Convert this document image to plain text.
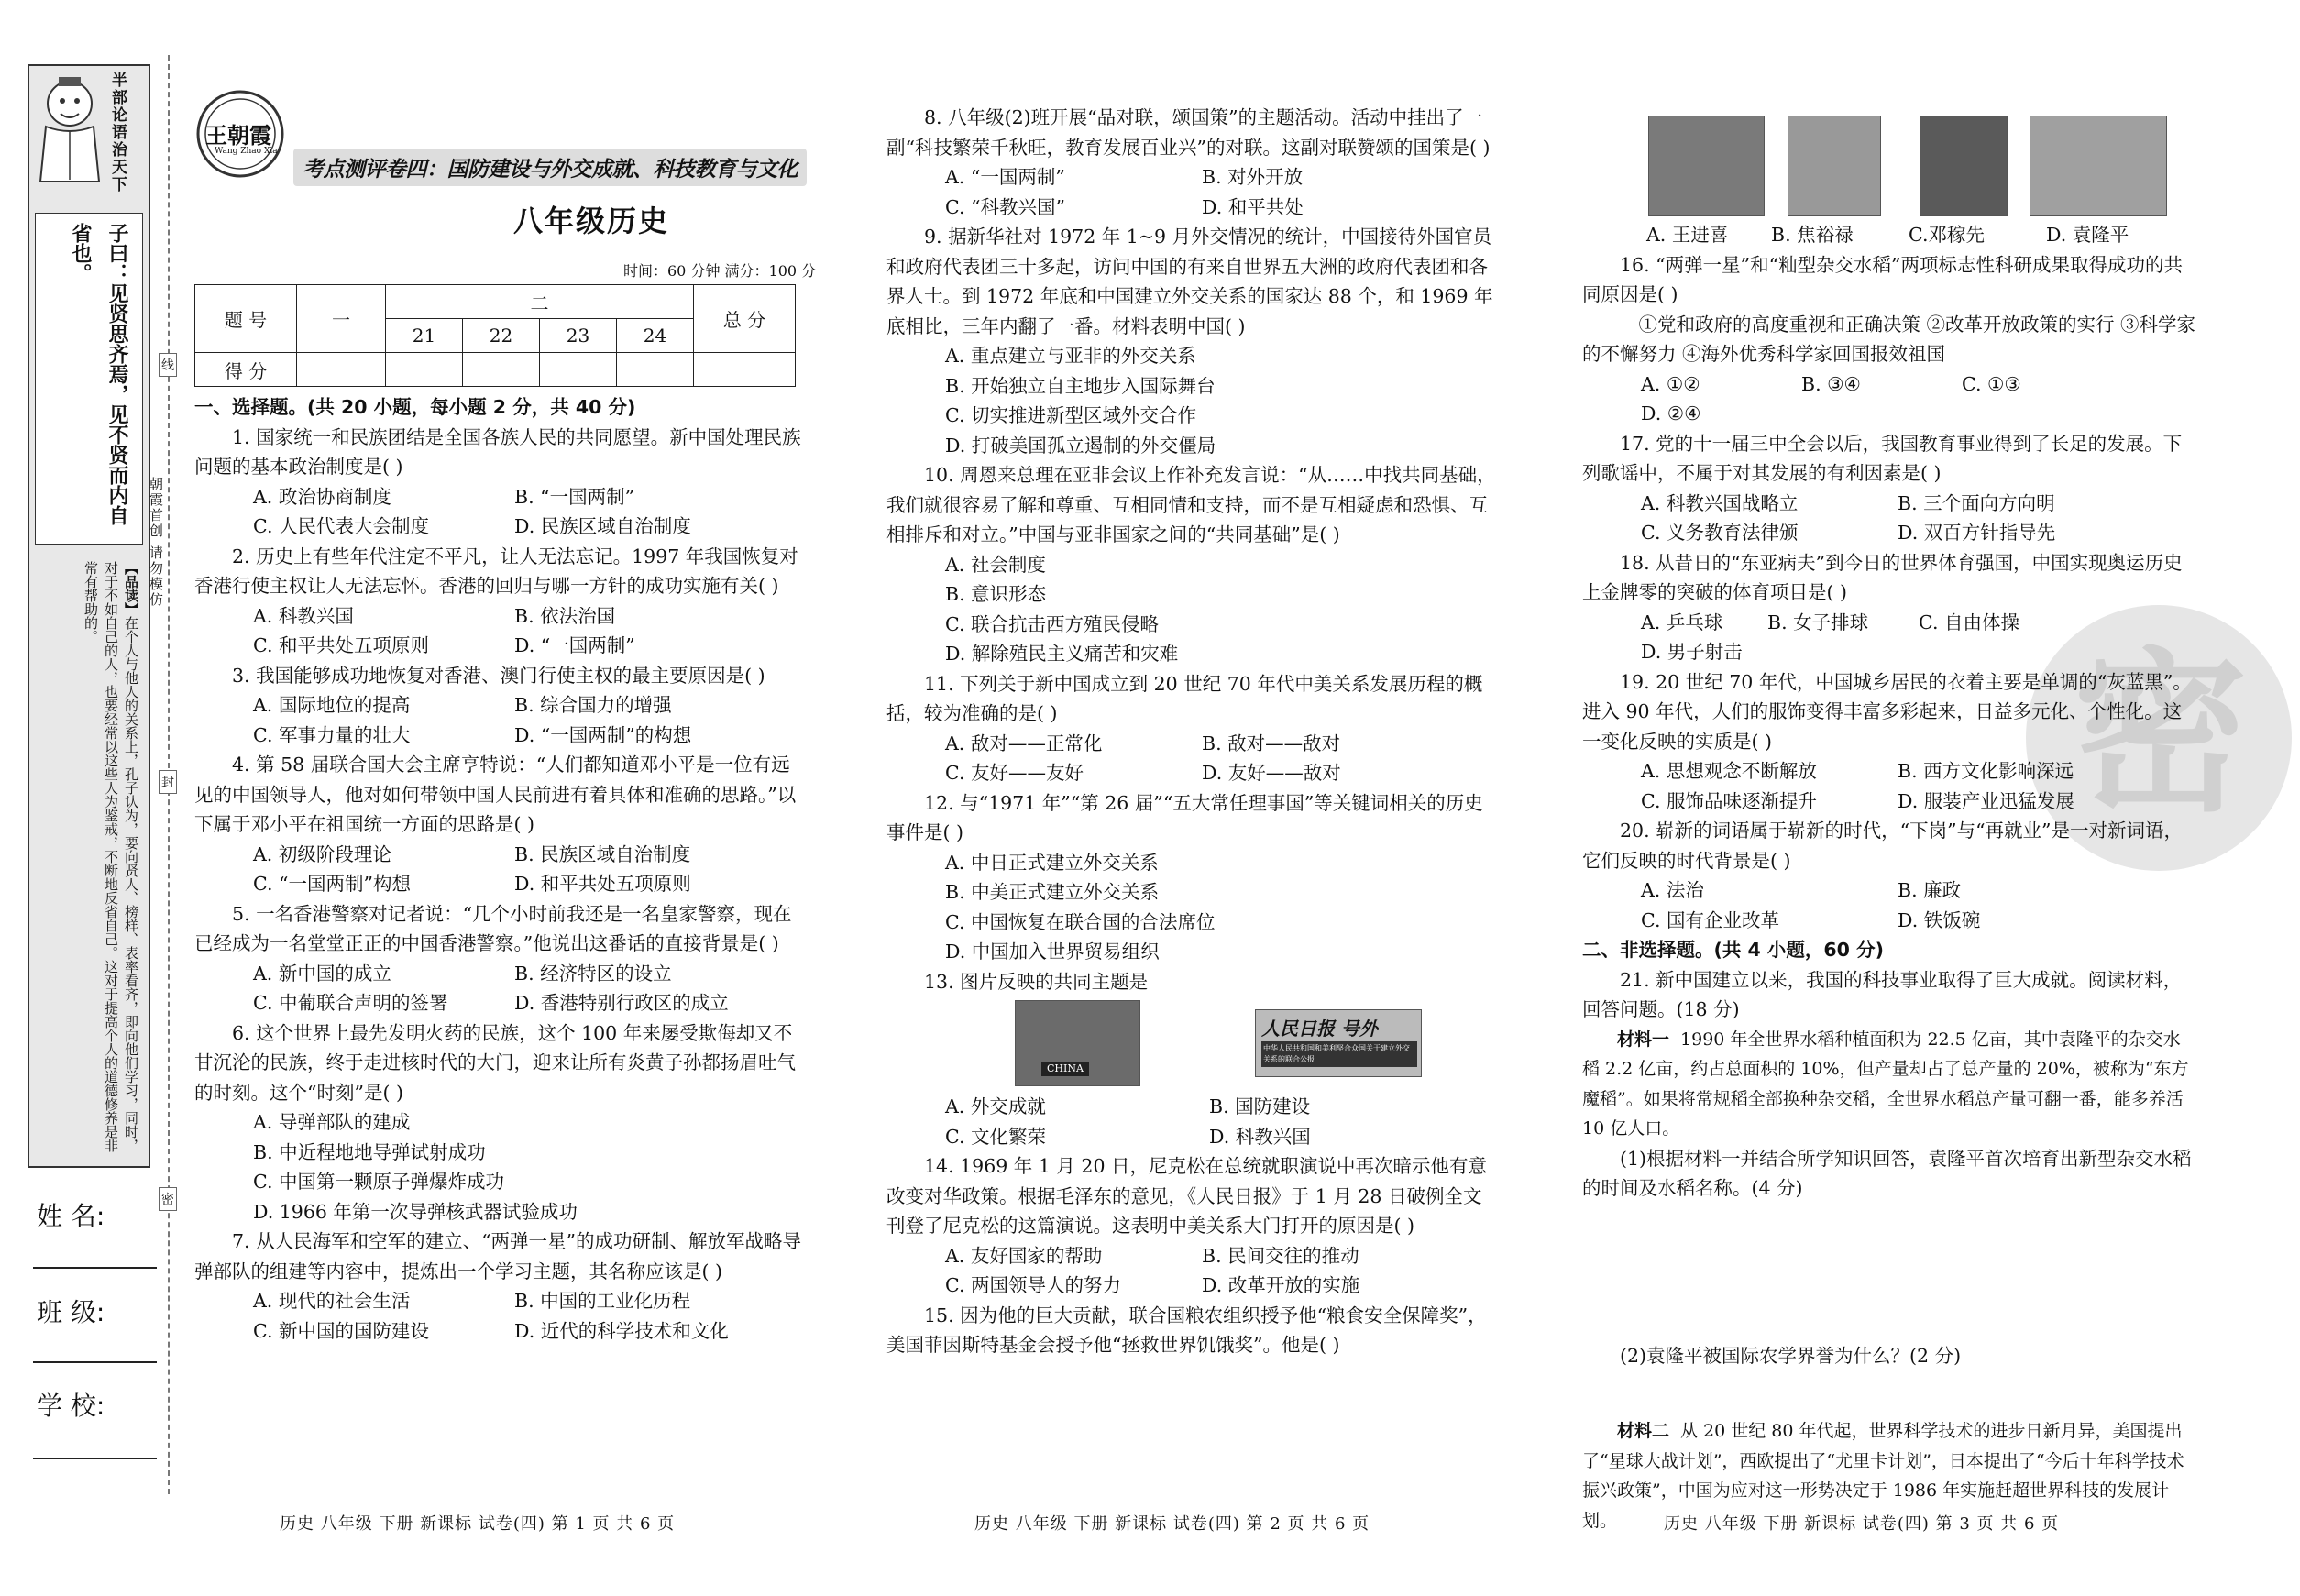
半部论语治天下
子曰：见贤思齐焉，见不贤而内自省也。
【品读】在个人与他人的关系上，孔子认为，要向贤人、榜样、表率看齐，即向他们学习，同时，对于不如自己的人，也要经常以这些人为鉴戒，不断地反省自己。这对于提高个人的道德修养是非常有帮助的。
姓 名:
班 级:
学 校:
朝霞首创 请勿模仿
线
封
密
王朝霞
Wang Zhao Xia
考点测评卷四：国防建设与外交成就、科技教育与文化
八年级历史
时间：60 分钟 满分：100 分
题 号	一	二				总 分
		21	22	23	24	
得 分						

一、选择题。(共 20 小题，每小题 2 分，共 40 分)

1. 国家统一和民族团结是全国各族人民的共同愿望。新中国处理民族问题的基本政治制度是( )

A. 政治协商制度	B. “一国两制”

C. 人民代表大会制度	D. 民族区域自治制度

2. 历史上有些年代注定不平凡，让人无法忘记。1997 年我国恢复对香港行使主权让人无法忘怀。香港的回归与哪一方针的成功实施有关( )

A. 科教兴国	B. 依法治国

C. 和平共处五项原则	D. “一国两制”

3. 我国能够成功地恢复对香港、澳门行使主权的最主要原因是( )

A. 国际地位的提高	B. 综合国力的增强

C. 军事力量的壮大	D. “一国两制”的构想

4. 第 58 届联合国大会主席亨特说：“人们都知道邓小平是一位有远见的中国领导人，他对如何带领中国人民前进有着具体和准确的思路。”以下属于邓小平在祖国统一方面的思路是( )

A. 初级阶段理论	B. 民族区域自治制度

C. “一国两制”构想	D. 和平共处五项原则

5. 一名香港警察对记者说：“几个小时前我还是一名皇家警察，现在已经成为一名堂堂正正的中国香港警察。”他说出这番话的直接背景是( )

A. 新中国的成立	B. 经济特区的设立

C. 中葡联合声明的签署	D. 香港特别行政区的成立

6. 这个世界上最先发明火药的民族，这个 100 年来屡受欺侮却又不甘沉沦的民族，终于走进核时代的大门，迎来让所有炎黄子孙都扬眉吐气的时刻。这个“时刻”是( )

A. 导弹部队的建成

B. 中近程地地导弹试射成功

C. 中国第一颗原子弹爆炸成功

D. 1966 年第一次导弹核武器试验成功

7. 从人民海军和空军的建立、“两弹一星”的成功研制、解放军战略导弹部队的组建等内容中，提炼出一个学习主题，其名称应该是( )

A. 现代的社会生活	B. 中国的工业化历程

C. 新中国的国防建设	D. 近代的科学技术和文化

历史 八年级 下册 新课标 试卷(四) 第 1 页 共 6 页

8. 八年级(2)班开展“品对联，颂国策”的主题活动。活动中挂出了一副“科技繁荣千秋旺，教育发展百业兴”的对联。这副对联赞颂的国策是( )

A. “一国两制”	B. 对外开放

C. “科教兴国”	D. 和平共处

9. 据新华社对 1972 年 1~9 月外交情况的统计，中国接待外国官员和政府代表团三十多起，访问中国的有来自世界五大洲的政府代表团和各界人士。到 1972 年底和中国建立外交关系的国家达 88 个，和 1969 年底相比，三年内翻了一番。材料表明中国( )

A. 重点建立与亚非的外交关系

B. 开始独立自主地步入国际舞台

C. 切实推进新型区域外交合作

D. 打破美国孤立遏制的外交僵局

10. 周恩来总理在亚非会议上作补充发言说：“从……中找共同基础，我们就很容易了解和尊重、互相同情和支持，而不是互相疑虑和恐惧、互相排斥和对立。”中国与亚非国家之间的“共同基础”是( )

A. 社会制度

B. 意识形态

C. 联合抗击西方殖民侵略

D. 解除殖民主义痛苦和灾难

11. 下列关于新中国成立到 20 世纪 70 年代中美关系发展历程的概括，较为准确的是( )

A. 敌对——正常化	B. 敌对——敌对

C. 友好——友好	D. 友好——敌对

12. 与“1971 年”“第 26 届”“五大常任理事国”等关键词相关的历史事件是( )

A. 中日正式建立外交关系

B. 中美正式建立外交关系

C. 中国恢复在联合国的合法席位

D. 中国加入世界贸易组织

13. 图片反映的共同主题是

CHINA
人民日报 号外
中华人民共和国和美利坚合众国关于建立外交关系的联合公报

A. 外交成就	B. 国防建设

C. 文化繁荣	D. 科教兴国

14. 1969 年 1 月 20 日，尼克松在总统就职演说中再次暗示他有意改变对华政策。根据毛泽东的意见，《人民日报》于 1 月 28 日破例全文刊登了尼克松的这篇演说。这表明中美关系大门打开的原因是( )

A. 友好国家的帮助	B. 民间交往的推动

C. 两国领导人的努力	D. 改革开放的实施

15. 因为他的巨大贡献，联合国粮农组织授予他“粮食安全保障奖”，美国菲因斯特基金会授予他“拯救世界饥饿奖”。他是( )

历史 八年级 下册 新课标 试卷(四) 第 2 页 共 6 页
密

A. 王进喜 B. 焦裕禄	C.邓稼先	D. 袁隆平

16. “两弹一星”和“籼型杂交水稻”两项标志性科研成果取得成功的共同原因是( )

①党和政府的高度重视和正确决策 ②改革开放政策的实行 ③科学家的不懈努力 ④海外优秀科学家回国报效祖国

A. ①②	B. ③④	C. ①③D. ②④

17. 党的十一届三中全会以后，我国教育事业得到了长足的发展。下列歌谣中，不属于对其发展的有利因素是( )

A. 科教兴国战略立	B. 三个面向方向明

C. 义务教育法律颁	D. 双百方针指导先

18. 从昔日的“东亚病夫”到今日的世界体育强国，中国实现奥运历史上金牌零的突破的体育项目是( )

A. 乒乓球 B. 女子排球	C. 自由体操D. 男子射击

19. 20 世纪 70 年代，中国城乡居民的衣着主要是单调的“灰蓝黑”。进入 90 年代，人们的服饰变得丰富多彩起来，日益多元化、个性化。这一变化反映的实质是( )

A. 思想观念不断解放	B. 西方文化影响深远

C. 服饰品味逐渐提升	D. 服装产业迅猛发展

20. 崭新的词语属于崭新的时代，“下岗”与“再就业”是一对新词语，它们反映的时代背景是( )

A. 法治	B. 廉政

C. 国有企业改革	D. 铁饭碗

二、非选择题。(共 4 小题，60 分)

21. 新中国建立以来，我国的科技事业取得了巨大成就。阅读材料，回答问题。(18 分)

材料一 1990 年全世界水稻种植面积为 22.5 亿亩，其中袁隆平的杂交水稻 2.2 亿亩，约占总面积的 10%，但产量却占了总产量的 20%，被称为“东方魔稻”。如果将常规稻全部换种杂交稻，全世界水稻总产量可翻一番，能多养活 10 亿人口。

(1)根据材料一并结合所学知识回答，袁隆平首次培育出新型杂交水稻的时间及水稻名称。(4 分)

(2)袁隆平被国际农学界誉为什么？(2 分)

材料二 从 20 世纪 80 年代起，世界科学技术的进步日新月异，美国提出了“星球大战计划”，西欧提出了“尤里卡计划”，日本提出了“今后十年科学技术振兴政策”，中国为应对这一形势决定于 1986 年实施赶超世界科技的发展计划。	历史 八年级 下册 新课标 试卷(四) 第 3 页 共 6 页
